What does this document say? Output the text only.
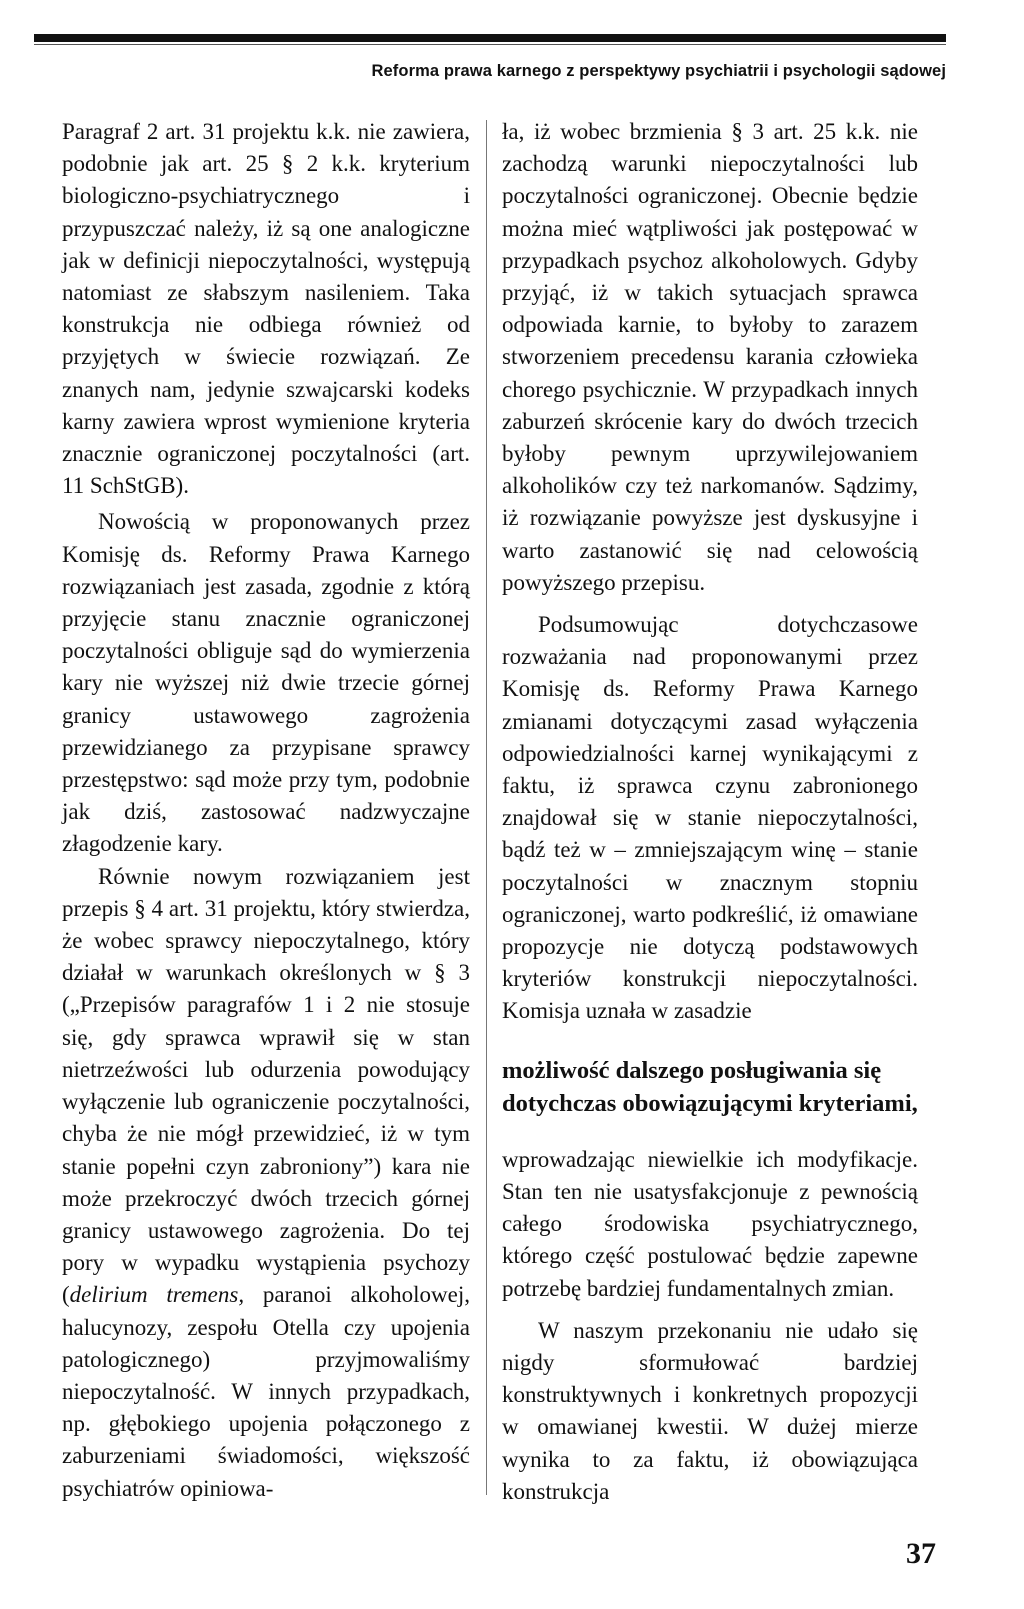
Reforma prawa karnego z perspektywy psychiatrii i psychologii sądowej

Paragraf 2 art. 31 projektu k.k. nie zawiera, podobnie jak art. 25 § 2 k.k. kryterium biologiczno-psychiatrycznego i przypuszczać należy, iż są one analogiczne jak w definicji niepoczytalności, występują natomiast ze słabszym nasileniem. Taka konstrukcja nie odbiega również od przyjętych w świecie rozwiązań. Ze znanych nam, jedynie szwajcarski kodeks karny zawiera wprost wymienione kryteria znacznie ograniczonej poczytalności (art. 11 SchStGB).

Nowością w proponowanych przez Komisję ds. Reformy Prawa Karnego rozwiązaniach jest zasada, zgodnie z którą przyjęcie stanu znacznie ograniczonej poczytalności obliguje sąd do wymierzenia kary nie wyższej niż dwie trzecie górnej granicy ustawowego zagrożenia przewidzianego za przypisane sprawcy przestępstwo: sąd może przy tym, podobnie jak dziś, zastosować nadzwyczajne złagodzenie kary.

Równie nowym rozwiązaniem jest przepis § 4 art. 31 projektu, który stwierdza, że wobec sprawcy niepoczytalnego, który działał w warunkach określonych w § 3 („Przepisów paragrafów 1 i 2 nie stosuje się, gdy sprawca wprawił się w stan nietrzeźwości lub odurzenia powodujący wyłączenie lub ograniczenie poczytalności, chyba że nie mógł przewidzieć, iż w tym stanie popełni czyn zabroniony”) kara nie może przekroczyć dwóch trzecich górnej granicy ustawowego zagrożenia. Do tej pory w wypadku wystąpienia psychozy (delirium tremens, paranoi alkoholowej, halucynozy, zespołu Otella czy upojenia patologicznego) przyjmowaliśmy niepoczytalność. W innych przypadkach, np. głębokiego upojenia połączonego z zaburzeniami świadomości, większość psychiatrów opiniowa-

ła, iż wobec brzmienia § 3 art. 25 k.k. nie zachodzą warunki niepoczytalności lub poczytalności ograniczonej. Obecnie będzie można mieć wątpliwości jak postępować w przypadkach psychoz alkoholowych. Gdyby przyjąć, iż w takich sytuacjach sprawca odpowiada karnie, to byłoby to zarazem stworzeniem precedensu karania człowieka chorego psychicznie. W przypadkach innych zaburzeń skrócenie kary do dwóch trzecich byłoby pewnym uprzywilejowaniem alkoholików czy też narkomanów. Sądzimy, iż rozwiązanie powyższe jest dyskusyjne i warto zastanowić się nad celowością powyższego przepisu.

Podsumowując dotychczasowe rozważania nad proponowanymi przez Komisję ds. Reformy Prawa Karnego zmianami dotyczącymi zasad wyłączenia odpowiedzialności karnej wynikającymi z faktu, iż sprawca czynu zabronionego znajdował się w stanie niepoczytalności, bądź też w – zmniejszającym winę – stanie poczytalności w znacznym stopniu ograniczonej, warto podkreślić, iż omawiane propozycje nie dotyczą podstawowych kryteriów konstrukcji niepoczytalności. Komisja uznała w zasadzie

możliwość dalszego posługiwania się dotychczas obowiązującymi kryteriami,

wprowadzając niewielkie ich modyfikacje. Stan ten nie usatysfakcjonuje z pewnością całego środowiska psychiatrycznego, którego część postulować będzie zapewne potrzebę bardziej fundamentalnych zmian.

W naszym przekonaniu nie udało się nigdy sformułować bardziej konstruktywnych i konkretnych propozycji w omawianej kwestii. W dużej mierze wynika to za faktu, iż obowiązująca konstrukcja

37
